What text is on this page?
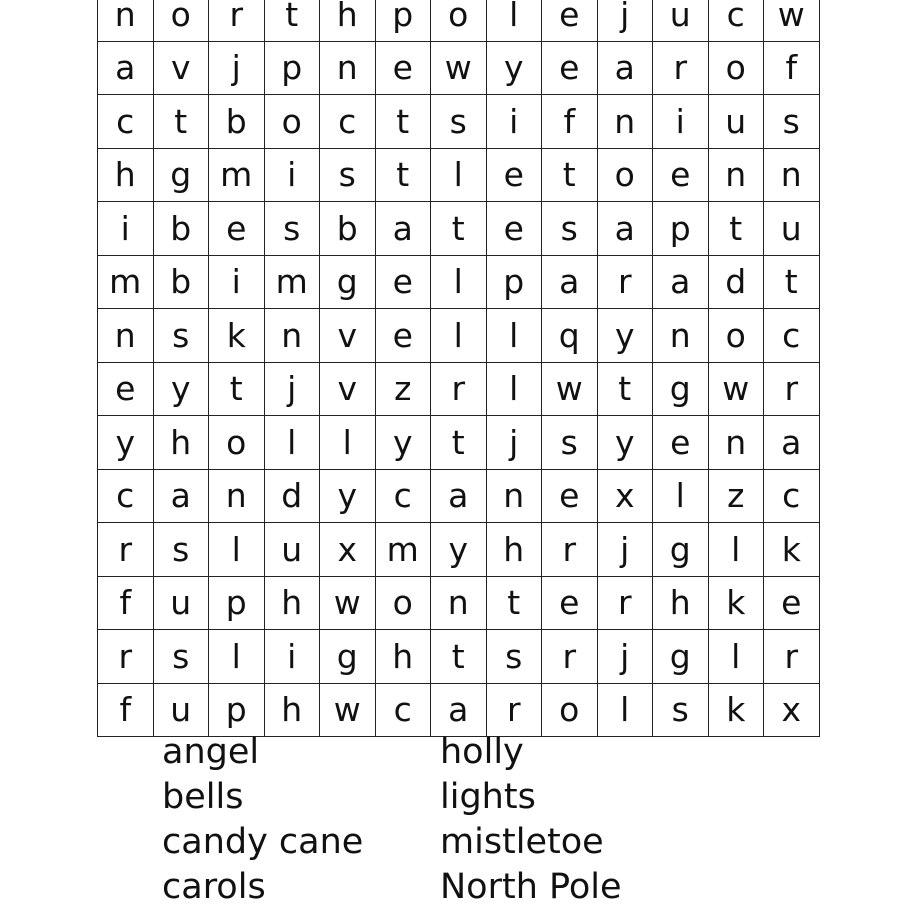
n	o	r	t	h	p	o	l	e	j	u	c	w
a	v	j	p	n	e	w	y	e	a	r	o	f
c	t	b	o	c	t	s	i	f	n	i	u	s
h	g	m	i	s	t	l	e	t	o	e	n	n
i	b	e	s	b	a	t	e	s	a	p	t	u
m	b	i	m	g	e	l	p	a	r	a	d	t
n	s	k	n	v	e	l	l	q	y	n	o	c
e	y	t	j	v	z	r	l	w	t	g	w	r
y	h	o	l	l	y	t	j	s	y	e	n	a
c	a	n	d	y	c	a	n	e	x	l	z	c
r	s	l	u	x	m	y	h	r	j	g	l	k
f	u	p	h	w	o	n	t	e	r	h	k	e
r	s	l	i	g	h	t	s	r	j	g	l	r
f	u	p	h	w	c	a	r	o	l	s	k	x
angel
bells
candy cane
carols
holly
lights
mistletoe
North Pole
